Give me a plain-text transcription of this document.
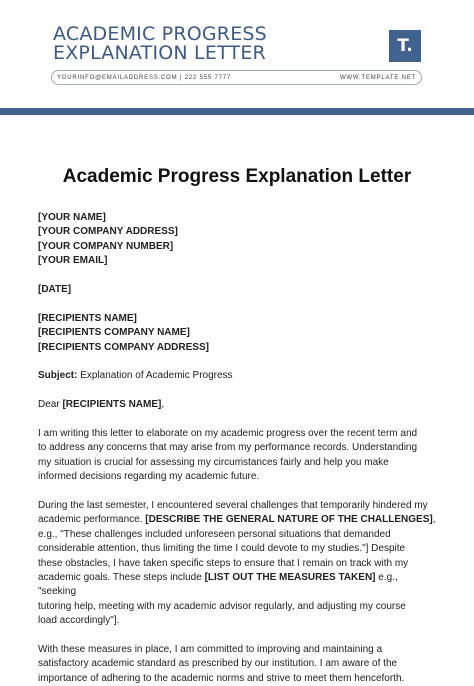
ACADEMIC PROGRESS
EXPLANATION LETTER	T.
YOURINFO@EMAILADDRESS.COM | 222 555 7777	WWW.TEMPLATE.NET
Academic Progress Explanation Letter
[YOUR NAME]
[YOUR COMPANY ADDRESS]
[YOUR COMPANY NUMBER]
[YOUR EMAIL]
[DATE]
[RECIPIENTS NAME]
[RECIPIENTS COMPANY NAME]
[RECIPIENTS COMPANY ADDRESS]
Subject: Explanation of Academic Progress
Dear [RECIPIENTS NAME],
I am writing this letter to elaborate on my academic progress over the recent term and
to address any concerns that may arise from my performance records. Understanding
my situation is crucial for assessing my circumstances fairly and help you make
informed decisions regarding my academic future.
During the last semester, I encountered several challenges that temporarily hindered my
academic performance. [DESCRIBE THE GENERAL NATURE OF THE CHALLENGES],
e.g., "These challenges included unforeseen personal situations that demanded
considerable attention, thus limiting the time I could devote to my studies."] Despite
these obstacles, I have taken specific steps to ensure that I remain on track with my
academic goals. These steps include [LIST OUT THE MEASURES TAKEN] e.g., "seeking
tutoring help, meeting with my academic advisor regularly, and adjusting my course
load accordingly"].
With these measures in place, I am committed to improving and maintaining a
satisfactory academic standard as prescribed by our institution. I am aware of the
importance of adhering to the academic norms and strive to meet them henceforth.
